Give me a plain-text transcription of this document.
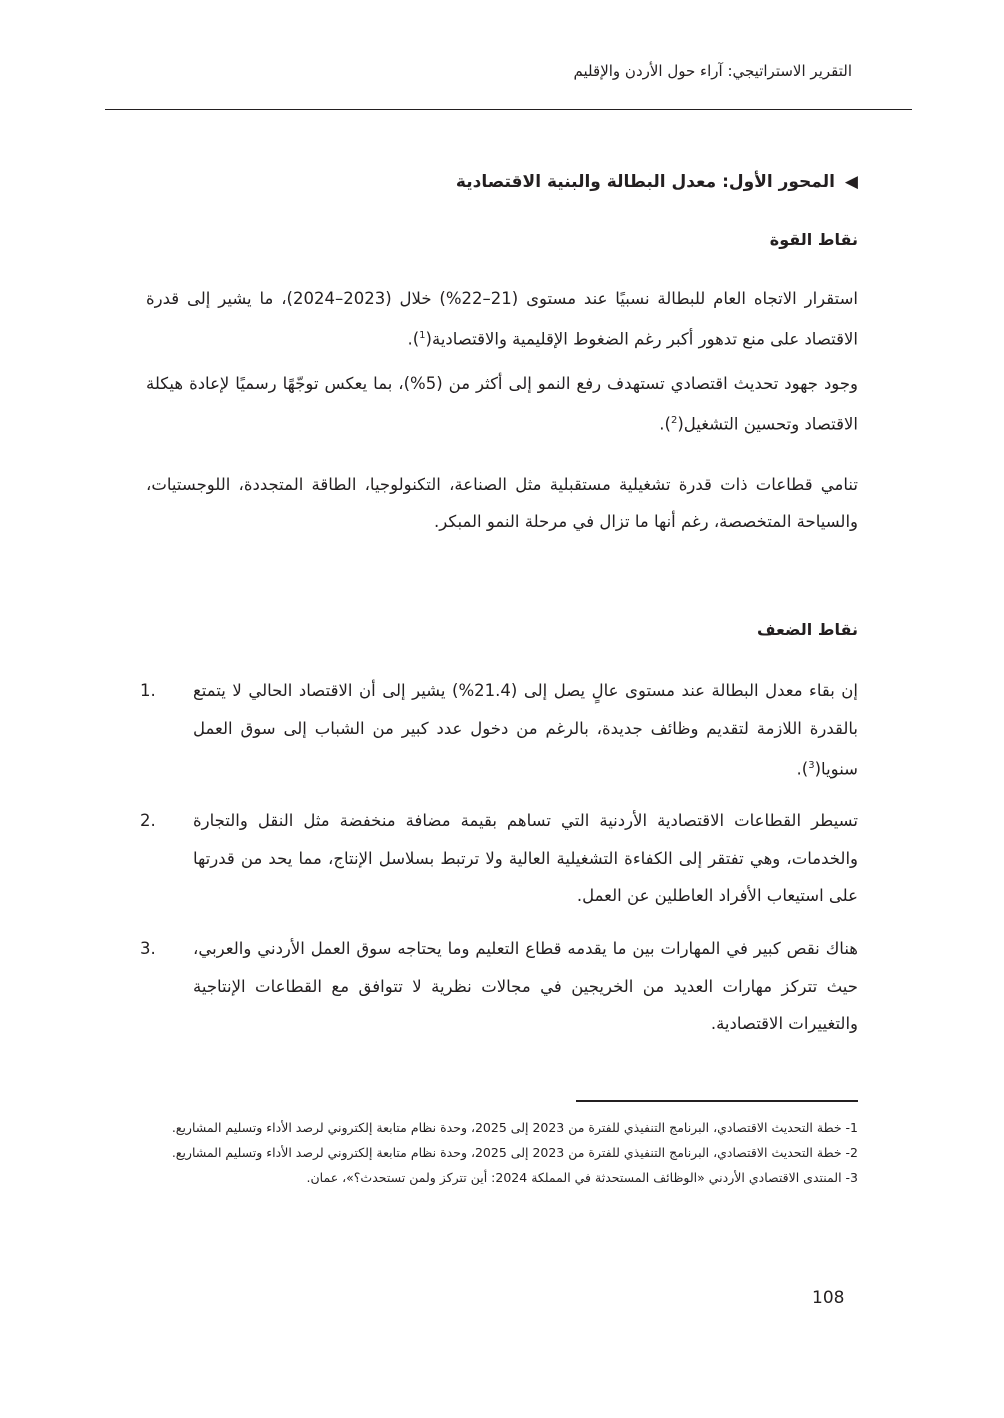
التقرير الاستراتيجي: آراء حول الأردن والإقليم
◀
المحور الأول: معدل البطالة والبنية الاقتصادية
نقاط القوة
استقرار الاتجاه العام للبطالة نسبيًا عند مستوى (21–22%) خلال (2023–2024)، ما يشير إلى قدرة الاقتصاد على منع تدهور أكبر رغم الضغوط الإقليمية والاقتصادية($^1$).
وجود جهود تحديث اقتصادي تستهدف رفع النمو إلى أكثر من (5%)، بما يعكس توجّهًا رسميًا لإعادة هيكلة الاقتصاد وتحسين التشغيل($^2$).
تنامي قطاعات ذات قدرة تشغيلية مستقبلية مثل الصناعة، التكنولوجيا، الطاقة المتجددة، اللوجستيات، والسياحة المتخصصة، رغم أنها ما تزال في مرحلة النمو المبكر.
نقاط الضعف
1. إن بقاء معدل البطالة عند مستوى عالٍ يصل إلى (21.4%) يشير إلى أن الاقتصاد الحالي لا يتمتع بالقدرة اللازمة لتقديم وظائف جديدة، بالرغم من دخول عدد كبير من الشباب إلى سوق العمل سنويا($^3$).
2. تسيطر القطاعات الاقتصادية الأردنية التي تساهم بقيمة مضافة منخفضة مثل النقل والتجارة والخدمات، وهي تفتقر إلى الكفاءة التشغيلية العالية ولا ترتبط بسلاسل الإنتاج، مما يحد من قدرتها على استيعاب الأفراد العاطلين عن العمل.
3. هناك نقص كبير في المهارات بين ما يقدمه قطاع التعليم وما يحتاجه سوق العمل الأردني والعربي، حيث تتركز مهارات العديد من الخريجين في مجالات نظرية لا تتوافق مع القطاعات الإنتاجية والتغييرات الاقتصادية.

1- خطة التحديث الاقتصادي، البرنامج التنفيذي للفترة من 2023 إلى 2025، وحدة نظام متابعة إلكتروني لرصد الأداء وتسليم المشاريع.

2- خطة التحديث الاقتصادي، البرنامج التنفيذي للفترة من 2023 إلى 2025، وحدة نظام متابعة إلكتروني لرصد الأداء وتسليم المشاريع.

3- المنتدى الاقتصادي الأردني «الوظائف المستحدثة في المملكة 2024: أين تتركز ولمن تستحدث؟»، عمان.

108
